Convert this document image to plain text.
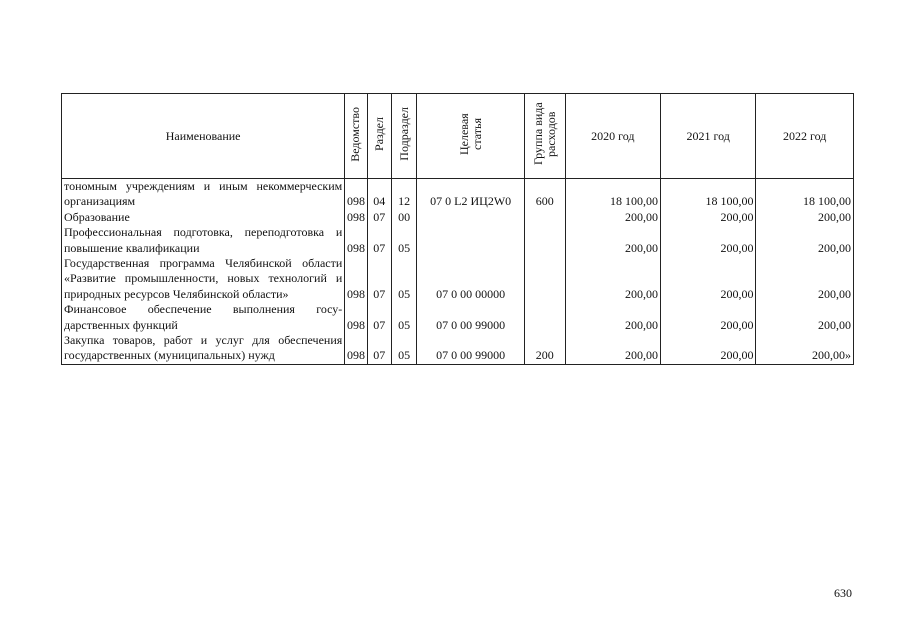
Наименование	Ведомство	Раздел	Подраздел	Целевая статья	Группа вида расходов	2020 год	2021 год	2022 год
тономным учреждениям и иным некоммерческим организациям	098	04	12	07 0 L2 ИЦ2W0	600	18 100,00	18 100,00	18 100,00
Образование	098	07	00			200,00	200,00	200,00
Профессиональная подготовка, переподготовка и повышение квалификации	098	07	05			200,00	200,00	200,00
Государственная программа Челябинской области «Развитие промышленности, новых технологий и природных ресурсов Челябинской области»	098	07	05	07 0 00 00000		200,00	200,00	200,00
Финансовое обеспечение выполнения государственных функций	098	07	05	07 0 00 99000		200,00	200,00	200,00
Закупка товаров, работ и услуг для обеспечения государственных (муниципальных) нужд	098	07	05	07 0 00 99000	200	200,00	200,00	200,00»
630
